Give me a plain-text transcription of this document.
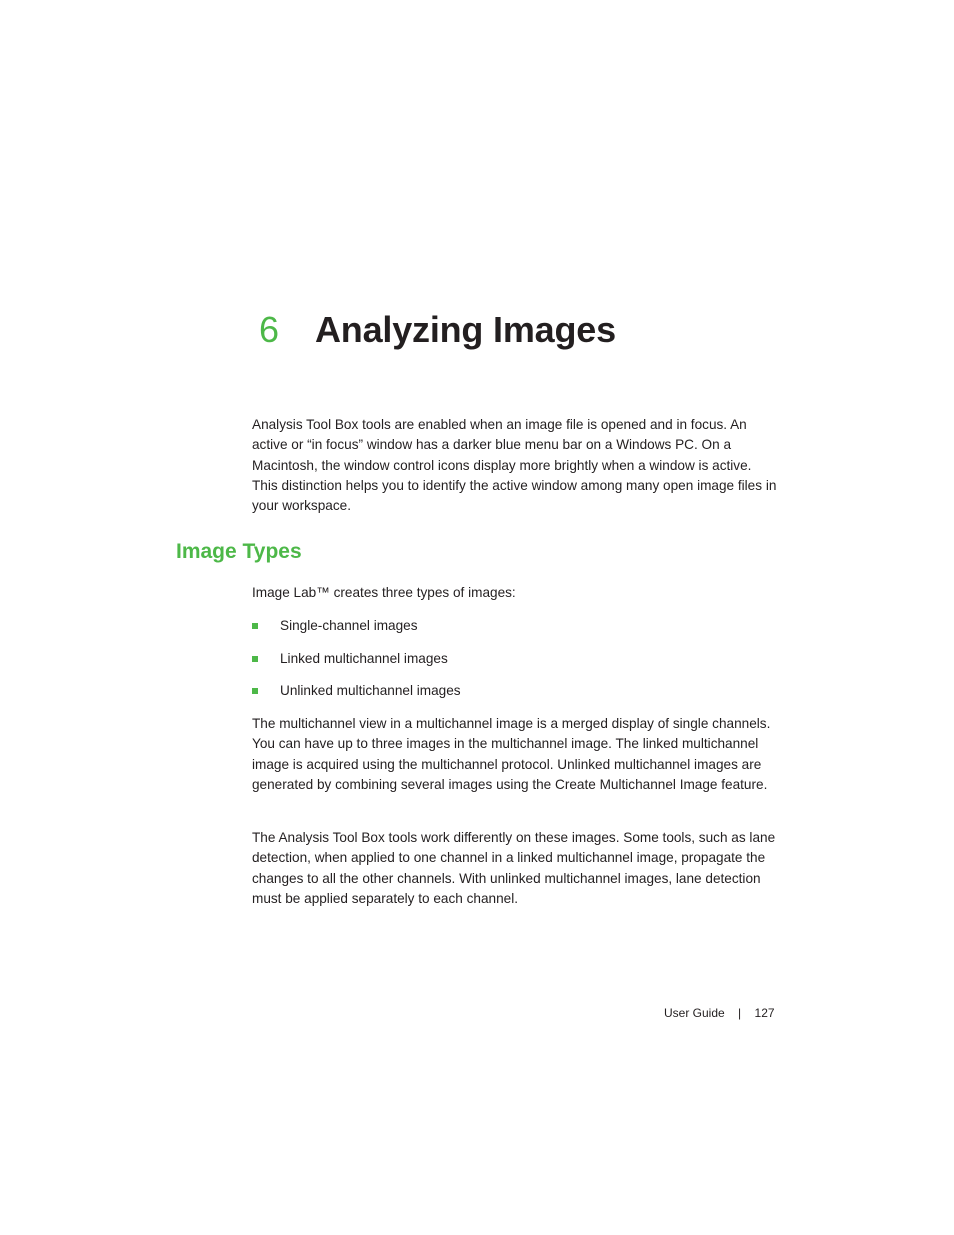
6 Analyzing Images

Analysis Tool Box tools are enabled when an image file is opened and in focus. An active or “in focus” window has a darker blue menu bar on a Windows PC. On a Macintosh, the window control icons display more brightly when a window is active. This distinction helps you to identify the active window among many open image files in your workspace.

Image Types

Image Lab™ creates three types of images:

Single-channel images
Linked multichannel images
Unlinked multichannel images

The multichannel view in a multichannel image is a merged display of single channels. You can have up to three images in the multichannel image. The linked multichannel image is acquired using the multichannel protocol. Unlinked multichannel images are generated by combining several images using the Create Multichannel Image feature.

The Analysis Tool Box tools work differently on these images. Some tools, such as lane detection, when applied to one channel in a linked multichannel image, propagate the changes to all the other channels. With unlinked multichannel images, lane detection must be applied separately to each channel.

User Guide | 127
